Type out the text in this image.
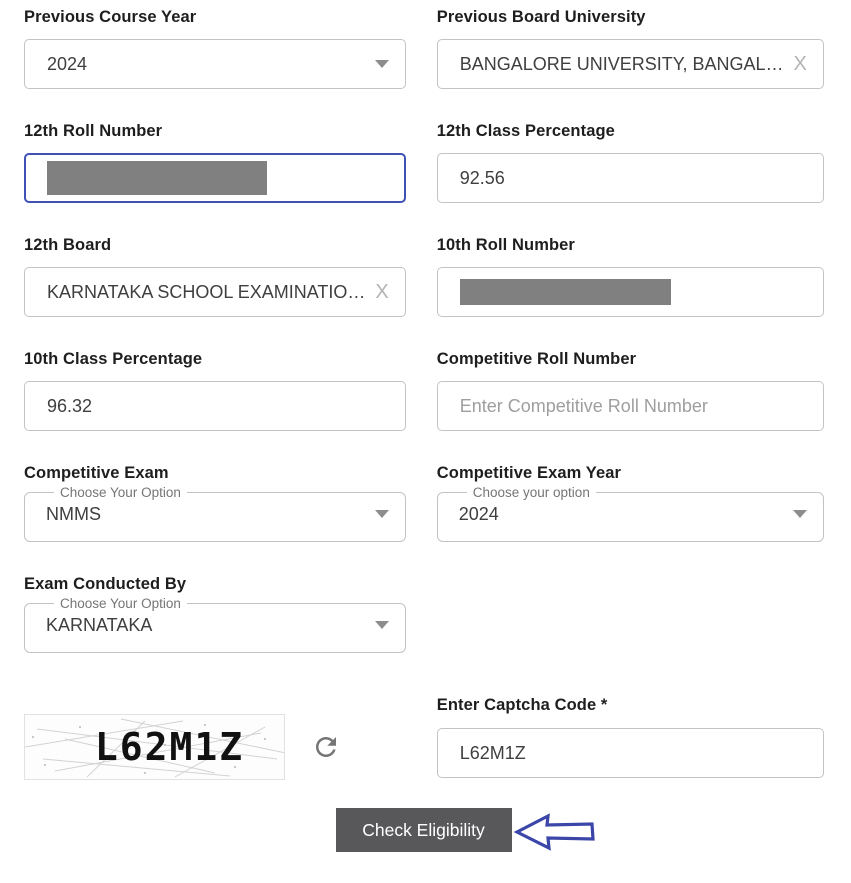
Previous Course Year
2024
Previous Board University
BANGALORE UNIVERSITY, BANGAL… X
12th Roll Number	12th Class Percentage
92.56
12th Board
KARNATAKA SCHOOL EXAMINATIO… X
10th Roll Number
10th Class Percentage
96.32
Competitive Roll Number
Enter Competitive Roll Number
Competitive Exam
Choose Your Option
NMMS
Competitive Exam Year
Choose your option
2024
Exam Conducted By
Choose Your Option
KARNATAKA
L62M1Z
Enter Captcha Code *
L62M1Z
Check Eligibility
